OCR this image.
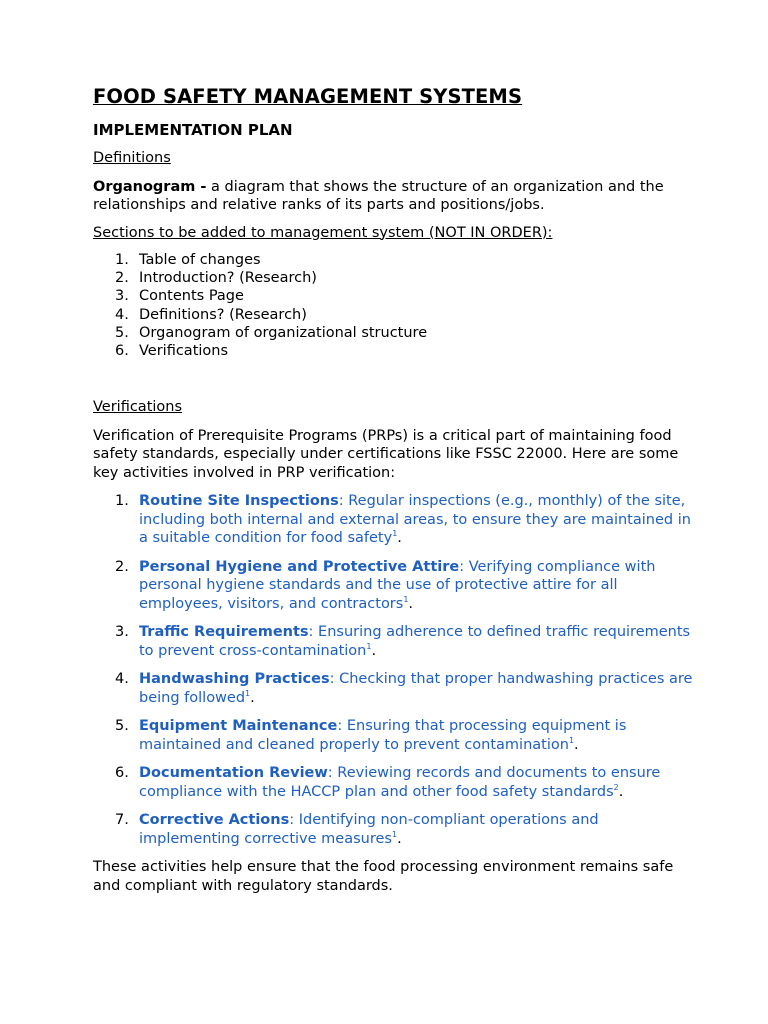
FOOD SAFETY MANAGEMENT SYSTEMS
IMPLEMENTATION PLAN

Definitions

Organogram - a diagram that shows the structure of an organization and the relationships and relative ranks of its parts and positions/jobs.

Sections to be added to management system (NOT IN ORDER):

1. Table of changes
2. Introduction? (Research)
3. Contents Page
4. Definitions? (Research)
5. Organogram of organizational structure
6. Verifications

Verifications

Verification of Prerequisite Programs (PRPs) is a critical part of maintaining food safety standards, especially under certifications like FSSC 22000. Here are some key activities involved in PRP verification:

1. Routine Site Inspections: Regular inspections (e.g., monthly) of the site, including both internal and external areas, to ensure they are maintained in a suitable condition for food safety$^1$.
2. Personal Hygiene and Protective Attire: Verifying compliance with personal hygiene standards and the use of protective attire for all employees, visitors, and contractors$^1$.
3. Traffic Requirements: Ensuring adherence to defined traffic requirements to prevent cross-contamination$^1$.
4. Handwashing Practices: Checking that proper handwashing practices are being followed$^1$.
5. Equipment Maintenance: Ensuring that processing equipment is maintained and cleaned properly to prevent contamination$^1$.
6. Documentation Review: Reviewing records and documents to ensure compliance with the HACCP plan and other food safety standards$^2$.
7. Corrective Actions: Identifying non-compliant operations and implementing corrective measures$^1$.

These activities help ensure that the food processing environment remains safe and compliant with regulatory standards.
